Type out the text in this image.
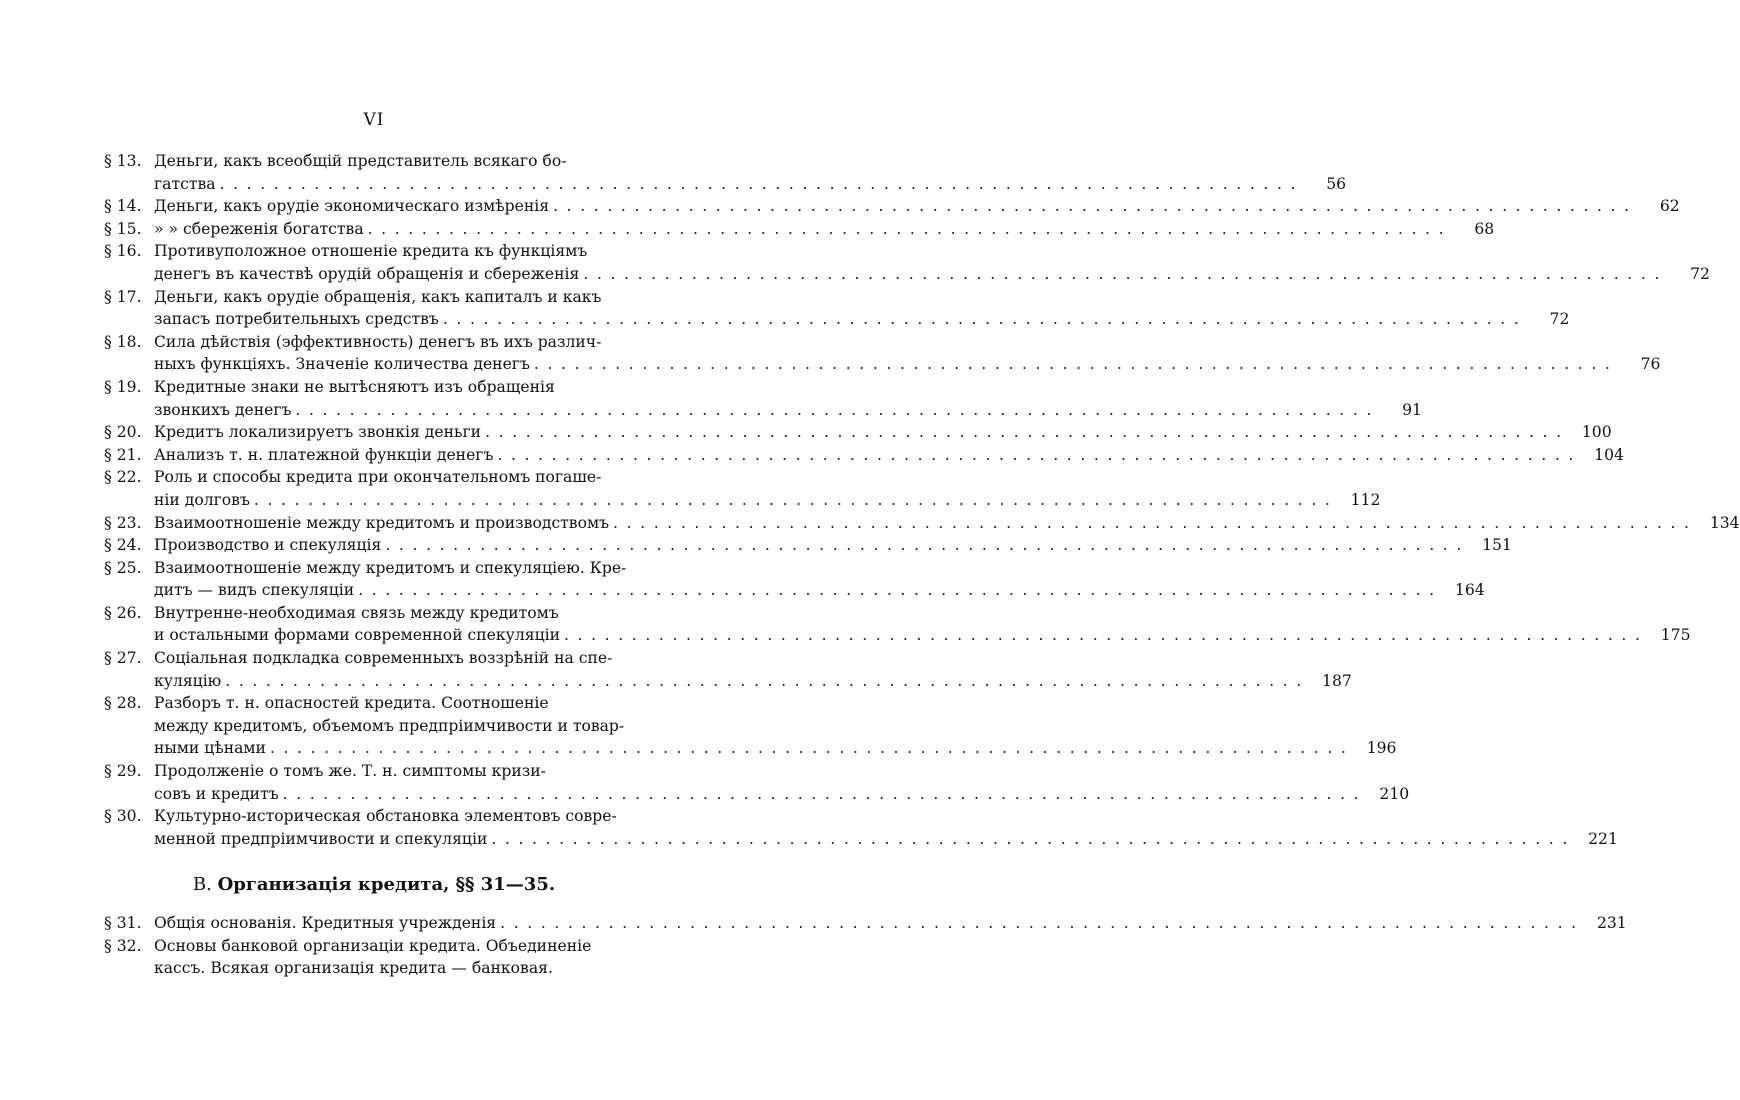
VI
§ 13. Деньги, какъ всеобщій представитель всякаго бо-
гатства ................................................................................	56
§ 14. Деньги, какъ орудіе экономическаго измѣренія ................................................................................	62
§ 15. » » сбереженія богатства ................................................................................	68
§ 16. Противуположное отношеніе кредита къ функціямъ
денегъ въ качествѣ орудій обращенія и сбереженія ................................................................................	72
§ 17. Деньги, какъ орудіе обращенія, какъ капиталъ и какъ
запасъ потребительныхъ средствъ ................................................................................	72
§ 18. Сила дѣйствія (эффективность) денегъ въ ихъ различ-
ныхъ функціяхъ. Значеніе количества денегъ ................................................................................	76
§ 19. Кредитные знаки не вытѣсняютъ изъ обращенія
звонкихъ денегъ ................................................................................	91
§ 20. Кредитъ локализируетъ звонкія деньги ................................................................................ 100
§ 21. Анализъ т. н. платежной функціи денегъ ................................................................................ 104
§ 22. Роль и способы кредита при окончательномъ погаше-
ніи долговъ ................................................................................ 112
§ 23. Взаимоотношеніе между кредитомъ и производствомъ ................................................................................ 134
§ 24. Производство и спекуляція ................................................................................ 151
§ 25. Взаимоотношеніе между кредитомъ и спекуляціею. Кре-
дитъ — видъ спекуляціи ................................................................................ 164
§ 26. Внутренне-необходимая связь между кредитомъ
и остальными формами современной спекуляціи ................................................................................ 175
§ 27. Соціальная подкладка современныхъ воззрѣній на спе-
куляцію ................................................................................ 187
§ 28. Разборъ т. н. опасностей кредита. Соотношеніе
между кредитомъ, объемомъ предпріимчивости и товар-
ными цѣнами ................................................................................ 196
§ 29. Продолженіе о томъ же. Т. н. симптомы кризи-
совъ и кредитъ ................................................................................ 210
§ 30. Культурно-историческая обстановка элементовъ совре-
менной предпріимчивости и спекуляціи ................................................................................ 221
В. Организація кредита, §§ 31—35.
§ 31. Общія основанія. Кредитныя учрежденія ................................................................................ 231
§ 32. Основы банковой организаціи кредита. Объединеніе
кассъ. Всякая организація кредита — банковая.
